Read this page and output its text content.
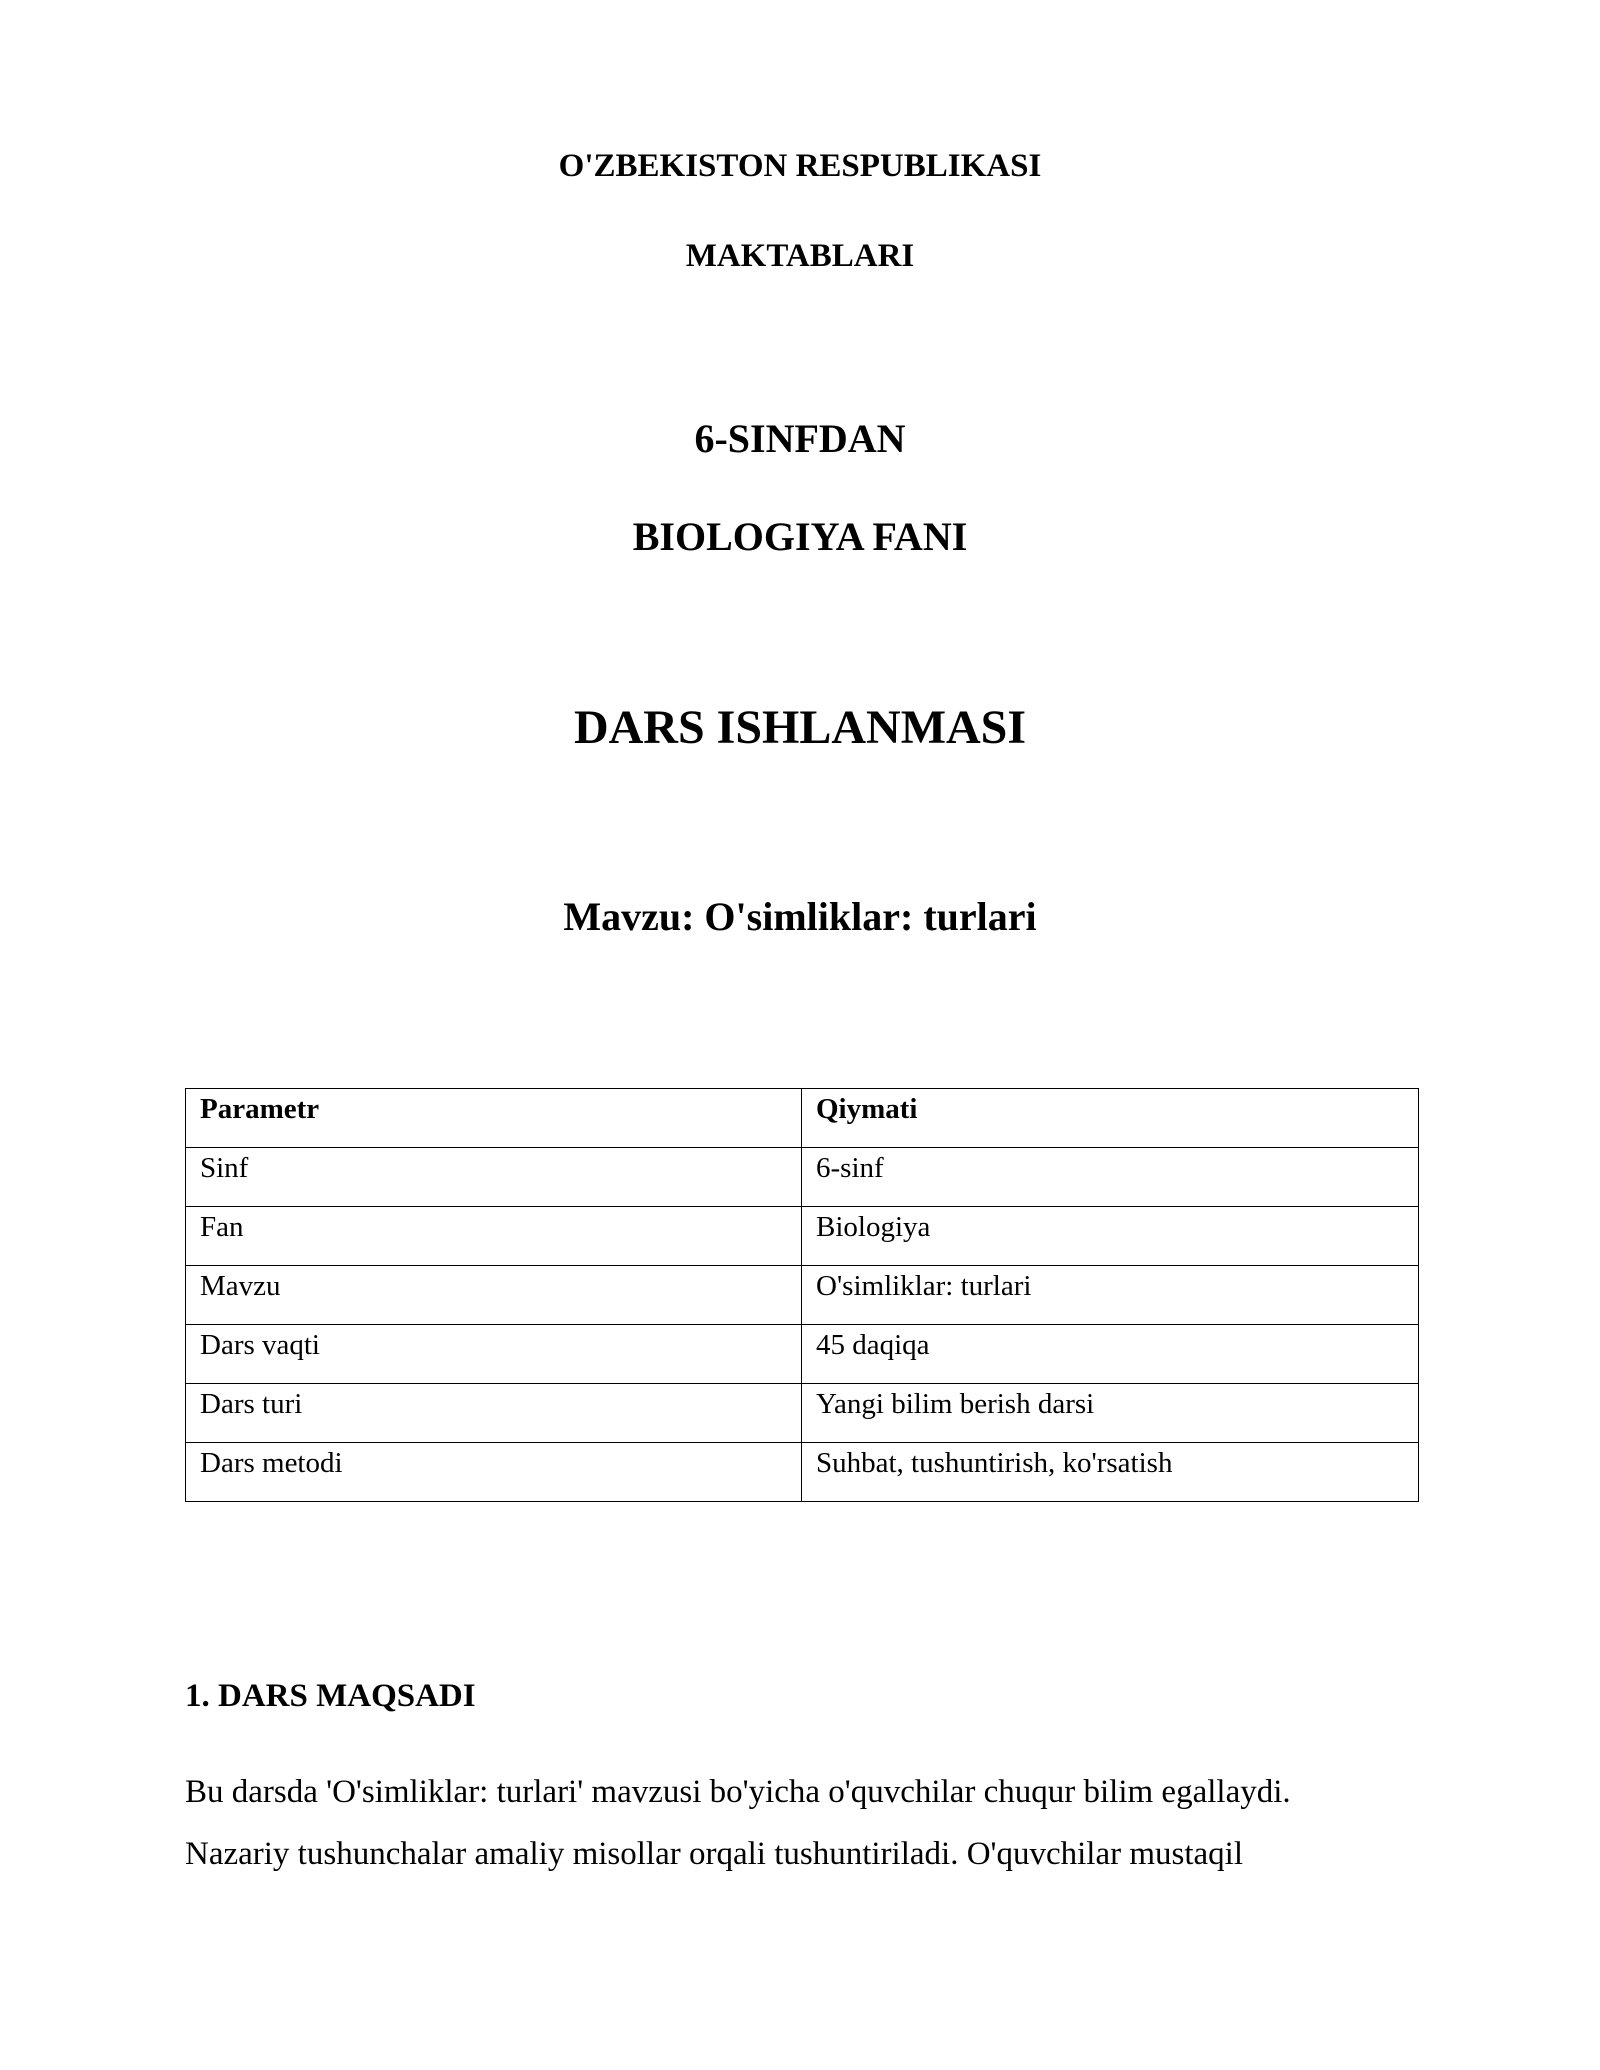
O'ZBEKISTON RESPUBLIKASI
MAKTABLARI
6-SINFDAN
BIOLOGIYA FANI
DARS ISHLANMASI
Mavzu: O'simliklar: turlari
Parametr	Qiymati
Sinf	6-sinf
Fan	Biologiya
Mavzu	O'simliklar: turlari
Dars vaqti	45 daqiqa
Dars turi	Yangi bilim berish darsi
Dars metodi	Suhbat, tushuntirish, ko'rsatish
1. DARS MAQSADI
Bu darsda 'O'simliklar: turlari' mavzusi bo'yicha o'quvchilar chuqur bilim egallaydi.
Nazariy tushunchalar amaliy misollar orqali tushuntiriladi. O'quvchilar mustaqil
